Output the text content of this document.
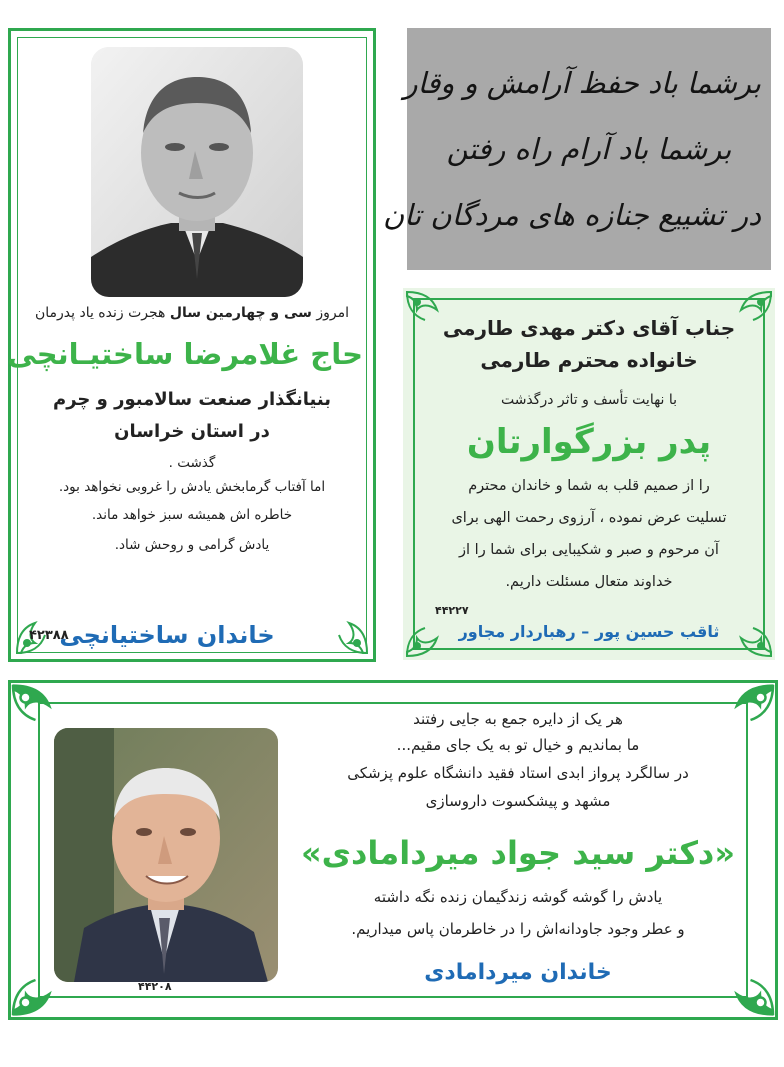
امروز سی و چهارمین سال هجرت زنده یاد پدرمان
حاج غلامرضا ساختیـانچی
بنیانگذار صنعت سالامبور و چرم
در استان خراسان
گذشت .
اما آفتاب گرمابخش یادش را غروبی نخواهد بود.
خاطره اش همیشه سبز خواهد ماند.
یادش گرامی و روحش شاد.
خاندان ساختیانچی
۴۲۳۸۸
برشما باد حفظ آرامش و وقار
برشما باد آرام راه رفتن
در تشییع جنازه های مردگان تان
جناب آقای دکتر مهدی طارمی
خانواده محترم طارمی
با نهایت تأسف و تاثر درگذشت
پدر بزرگوارتان
را از صمیم قلب به شما و خاندان محترم
تسلیت عرض نموده ، آرزوی رحمت الهی برای
آن مرحوم و صبر و شکیبایی برای شما را از
خداوند متعال مسئلت داریم.
۴۴۲۲۷
ثاقب حسین پور – رهباردار مجاور
هر یک از دایره جمع به جایی رفتند
ما بماندیم و خیال تو به یک جای مقیم...
در سالگرد پرواز ابدی استاد فقید دانشگاه علوم پزشکی
مشهد و پیشکسوت داروسازی
«دکتر سید جواد میردامادی»
یادش را گوشه گوشه زندگیمان زنده نگه داشته
و عطر وجود جاودانه‌اش را در خاطرمان پاس میداریم.
خاندان میردامادی
۴۴۲۰۸
